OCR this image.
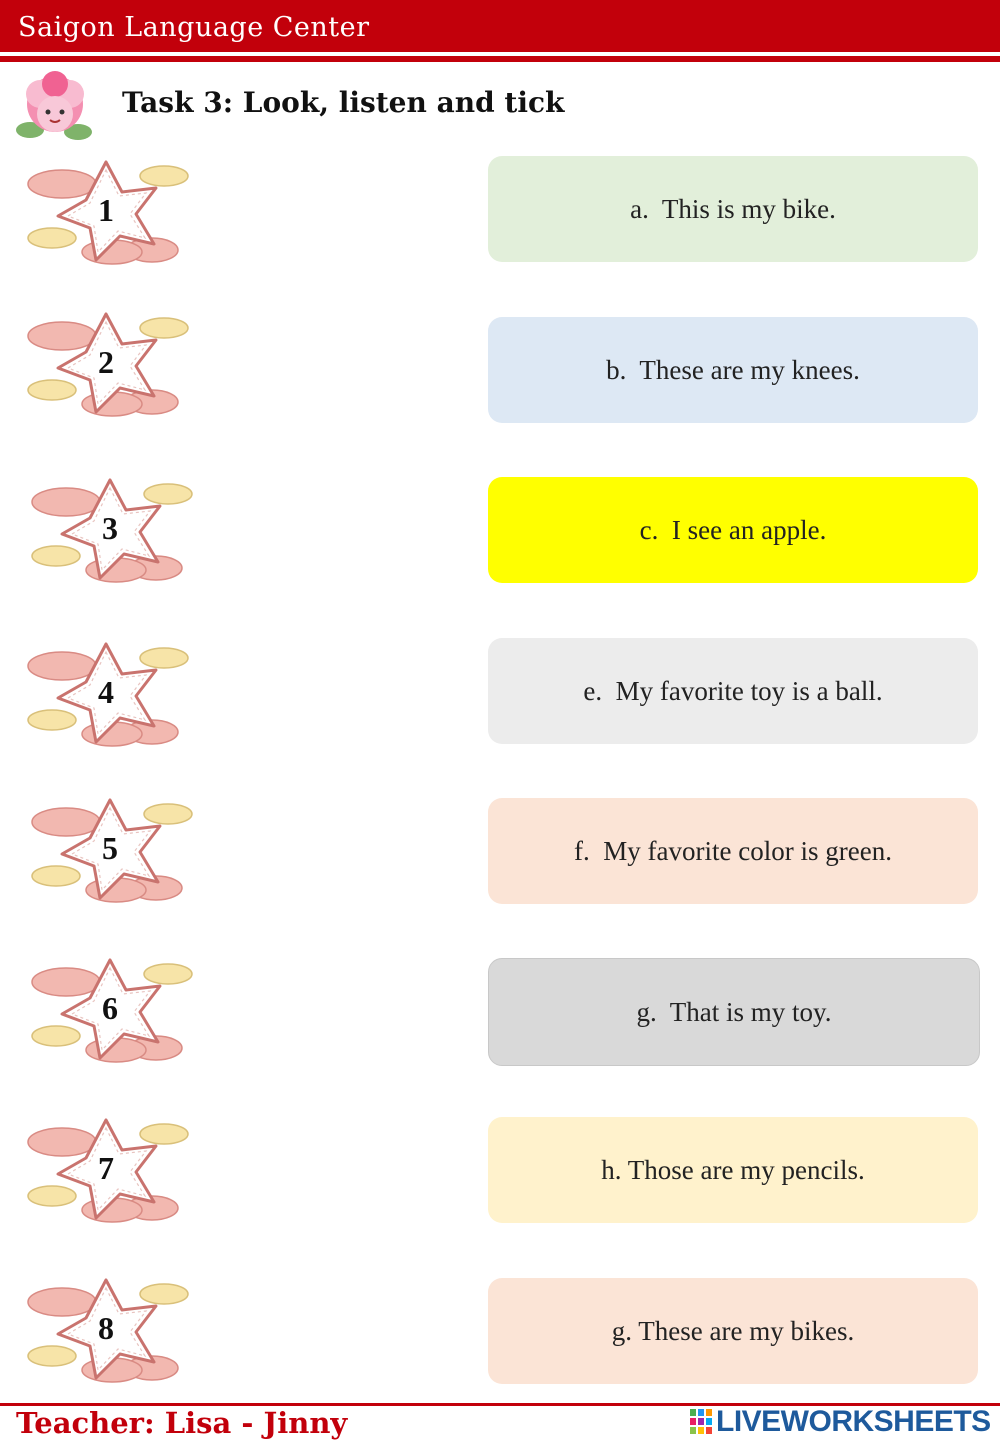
Saigon Language Center
Task 3: Look, listen and tick
1	a.  This is my bike.
2	b.  These are my knees.
3	c.  I see an apple.
4	e.  My favorite toy is a ball.
5	f.  My favorite color is green.
6	g.  That is my toy.
7	h. Those are my pencils.
8	g. These are my bikes.
Teacher: Lisa - Jinny	LIVEWORKSHEETS
